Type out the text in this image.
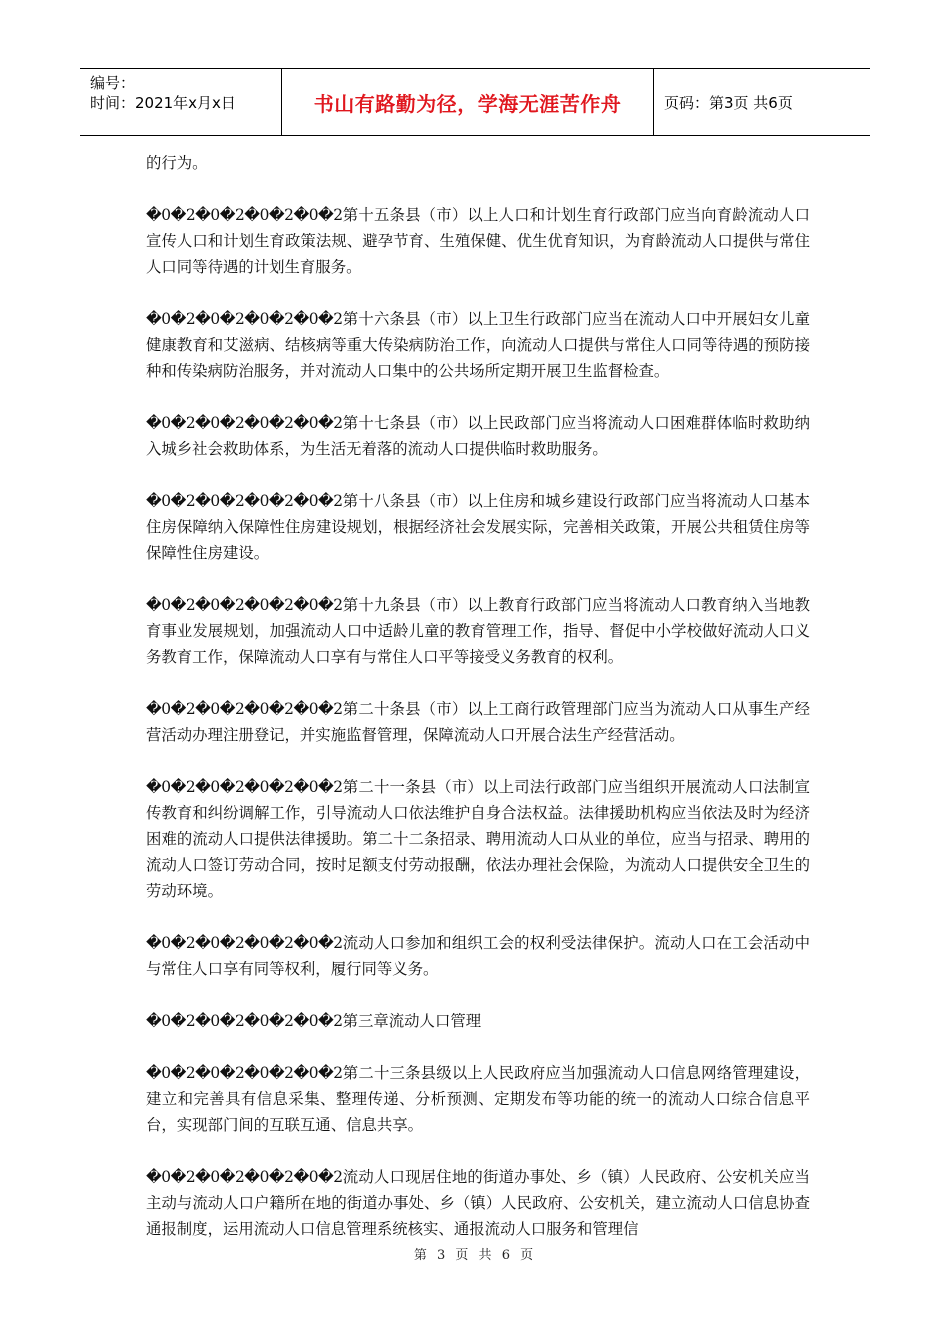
编号：
时间：2021年x月x日	书山有路勤为径，学海无涯苦作舟	页码：第3页 共6页

的行为。

�0�2�0�2�0�2�0�2第十五条县（市）以上人口和计划生育行政部门应当向育龄流动人口宣传人口和计划生育政策法规、避孕节育、生殖保健、优生优育知识，为育龄流动人口提供与常住人口同等待遇的计划生育服务。

�0�2�0�2�0�2�0�2第十六条县（市）以上卫生行政部门应当在流动人口中开展妇女儿童健康教育和艾滋病、结核病等重大传染病防治工作，向流动人口提供与常住人口同等待遇的预防接种和传染病防治服务，并对流动人口集中的公共场所定期开展卫生监督检查。

�0�2�0�2�0�2�0�2第十七条县（市）以上民政部门应当将流动人口困难群体临时救助纳入城乡社会救助体系，为生活无着落的流动人口提供临时救助服务。

�0�2�0�2�0�2�0�2第十八条县（市）以上住房和城乡建设行政部门应当将流动人口基本住房保障纳入保障性住房建设规划，根据经济社会发展实际，完善相关政策，开展公共租赁住房等保障性住房建设。

�0�2�0�2�0�2�0�2第十九条县（市）以上教育行政部门应当将流动人口教育纳入当地教育事业发展规划，加强流动人口中适龄儿童的教育管理工作，指导、督促中小学校做好流动人口义务教育工作，保障流动人口享有与常住人口平等接受义务教育的权利。

�0�2�0�2�0�2�0�2第二十条县（市）以上工商行政管理部门应当为流动人口从事生产经营活动办理注册登记，并实施监督管理，保障流动人口开展合法生产经营活动。

�0�2�0�2�0�2�0�2第二十一条县（市）以上司法行政部门应当组织开展流动人口法制宣传教育和纠纷调解工作，引导流动人口依法维护自身合法权益。法律援助机构应当依法及时为经济困难的流动人口提供法律援助。第二十二条招录、聘用流动人口从业的单位，应当与招录、聘用的流动人口签订劳动合同，按时足额支付劳动报酬，依法办理社会保险，为流动人口提供安全卫生的劳动环境。

�0�2�0�2�0�2�0�2流动人口参加和组织工会的权利受法律保护。流动人口在工会活动中与常住人口享有同等权利，履行同等义务。

�0�2�0�2�0�2�0�2第三章流动人口管理

�0�2�0�2�0�2�0�2第二十三条县级以上人民政府应当加强流动人口信息网络管理建设，建立和完善具有信息采集、整理传递、分析预测、定期发布等功能的统一的流动人口综合信息平台，实现部门间的互联互通、信息共享。

�0�2�0�2�0�2�0�2流动人口现居住地的街道办事处、乡（镇）人民政府、公安机关应当主动与流动人口户籍所在地的街道办事处、乡（镇）人民政府、公安机关，建立流动人口信息协查通报制度，运用流动人口信息管理系统核实、通报流动人口服务和管理信

第 3 页 共 6 页
